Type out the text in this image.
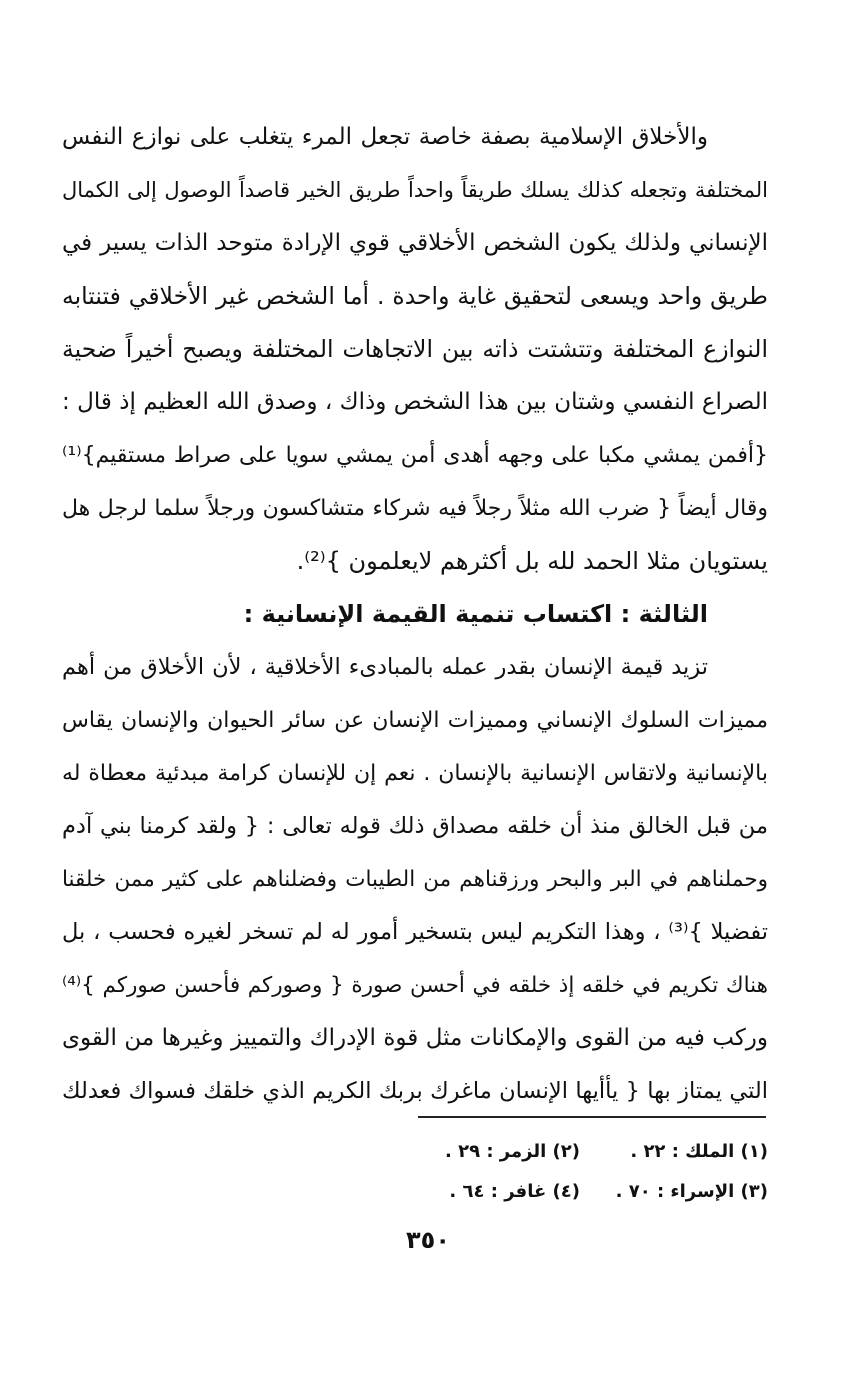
والأخلاق الإسلامية بصفة خاصة تجعل المرء يتغلب على نوازع النفس
المختلفة وتجعله كذلك يسلك طريقاً واحداً طريق الخير قاصداً الوصول إلى الكمال
الإنساني ولذلك يكون الشخص الأخلاقي قوي الإرادة متوحد الذات يسير في
طريق واحد ويسعى لتحقيق غاية واحدة . أما الشخص غير الأخلاقي فتنتابه
النوازع المختلفة وتتشتت ذاته بين الاتجاهات المختلفة ويصبح أخيراً ضحية
الصراع النفسي وشتان بين هذا الشخص وذاك ، وصدق الله العظيم إذ قال :
{أفمن يمشي مكبا على وجهه أهدى أمن يمشي سويا على صراط مستقيم}⁽¹⁾
وقال أيضاً { ضرب الله مثلاً رجلاً فيه شركاء متشاكسون ورجلاً سلما لرجل هل
يستويان مثلا الحمد لله بل أكثرهم لايعلمون }⁽²⁾.
الثالثة : اكتساب تنمية القيمة الإنسانية :
تزيد قيمة الإنسان بقدر عمله بالمبادىء الأخلاقية ، لأن الأخلاق من أهم
مميزات السلوك الإنساني ومميزات الإنسان عن سائر الحيوان والإنسان يقاس
بالإنسانية ولاتقاس الإنسانية بالإنسان . نعم إن للإنسان كرامة مبدئية معطاة له
من قبل الخالق منذ أن خلقه مصداق ذلك قوله تعالى : { ولقد كرمنا بني آدم
وحملناهم في البر والبحر ورزقناهم من الطيبات وفضلناهم على كثير ممن خلقنا
تفضيلا }⁽³⁾ ، وهذا التكريم ليس بتسخير أمور له لم تسخر لغيره فحسب ، بل
هناك تكريم في خلقه إذ خلقه في أحسن صورة { وصوركم فأحسن صوركم }⁽⁴⁾
وركب فيه من القوى والإمكانات مثل قوة الإدراك والتمييز وغيرها من القوى
التي يمتاز بها { يأأيها الإنسان ماغرك بربك الكريم الذي خلقك فسواك فعدلك
(١) الملك : ٢٢ .
(٢) الزمر : ٢٩ .
(٣) الإسراء : ٧٠ .
(٤) غافر : ٦٤ .
٣٥٠
